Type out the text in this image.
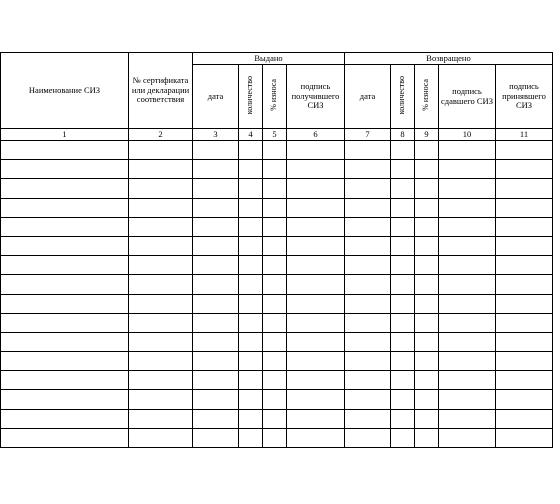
Наименование СИЗ	№ сертификата или декларации соответствия	Выдано				Возвращено				
		дата	количество	% износа	подпись получившего СИЗ	дата	количество	% износа	подпись сдавшего СИЗ	подпись принявшего СИЗ
1	2	3	4	5	6	7	8	9	10	11
